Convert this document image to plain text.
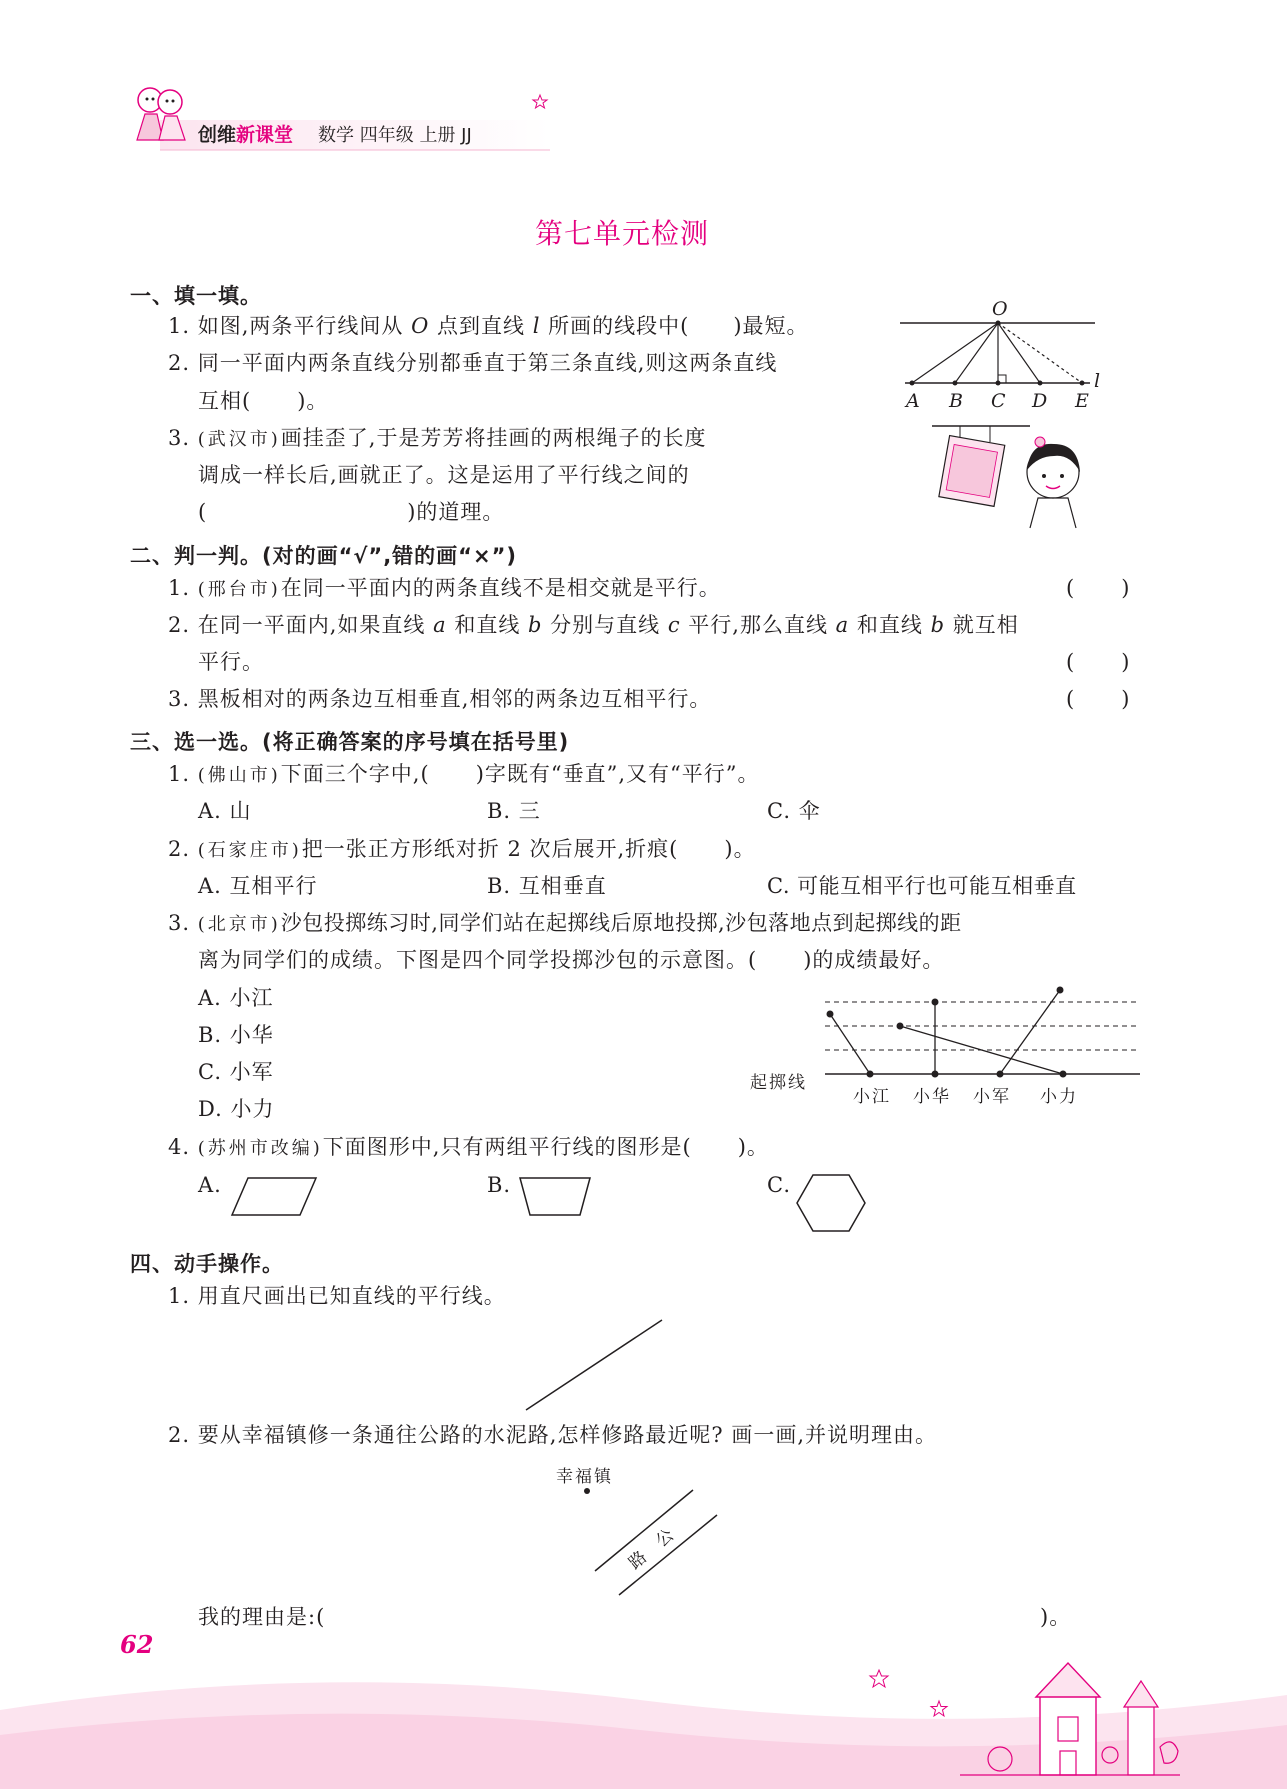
创维新课堂 数学 四年级 上册 JJ
第七单元检测
一、填一填。
1. 如图,两条平行线间从 O 点到直线 l 所画的线段中( )最短。
2. 同一平面内两条直线分别都垂直于第三条直线,则这两条直线
互相(      )。
3. (武汉市)画挂歪了,于是芳芳将挂画的两根绳子的长度
调成一样长后,画就正了。这是运用了平行线之间的
(	)的道理。
O
l
A B C D E
二、判一判。(对的画“√”,错的画“×”)
1. (邢台市)在同一平面内的两条直线不是相交就是平行。	(      )
2. 在同一平面内,如果直线 a 和直线 b 分别与直线 c 平行,那么直线 a 和直线 b 就互相
平行。	(      )
3. 黑板相对的两条边互相垂直,相邻的两条边互相平行。	(      )
三、选一选。(将正确答案的序号填在括号里)
1. (佛山市)下面三个字中,(      )字既有“垂直”,又有“平行”。
A. 山	B. 三	C. 伞
2. (石家庄市)把一张正方形纸对折 2 次后展开,折痕(      )。
A. 互相平行	B. 互相垂直	C. 可能互相平行也可能互相垂直
3. (北京市)沙包投掷练习时,同学们站在起掷线后原地投掷,沙包落地点到起掷线的距
离为同学们的成绩。下图是四个同学投掷沙包的示意图。(      )的成绩最好。
A. 小江
B. 小华
C. 小军
D. 小力
起掷线
小江 小华 小军 小力
4. (苏州市改编)下面图形中,只有两组平行线的图形是(      )。
A.	B.	C.
四、动手操作。
1. 用直尺画出已知直线的平行线。
2. 要从幸福镇修一条通往公路的水泥路,怎样修路最近呢? 画一画,并说明理由。
幸福镇
公
路
我的理由是:(	)。
62
